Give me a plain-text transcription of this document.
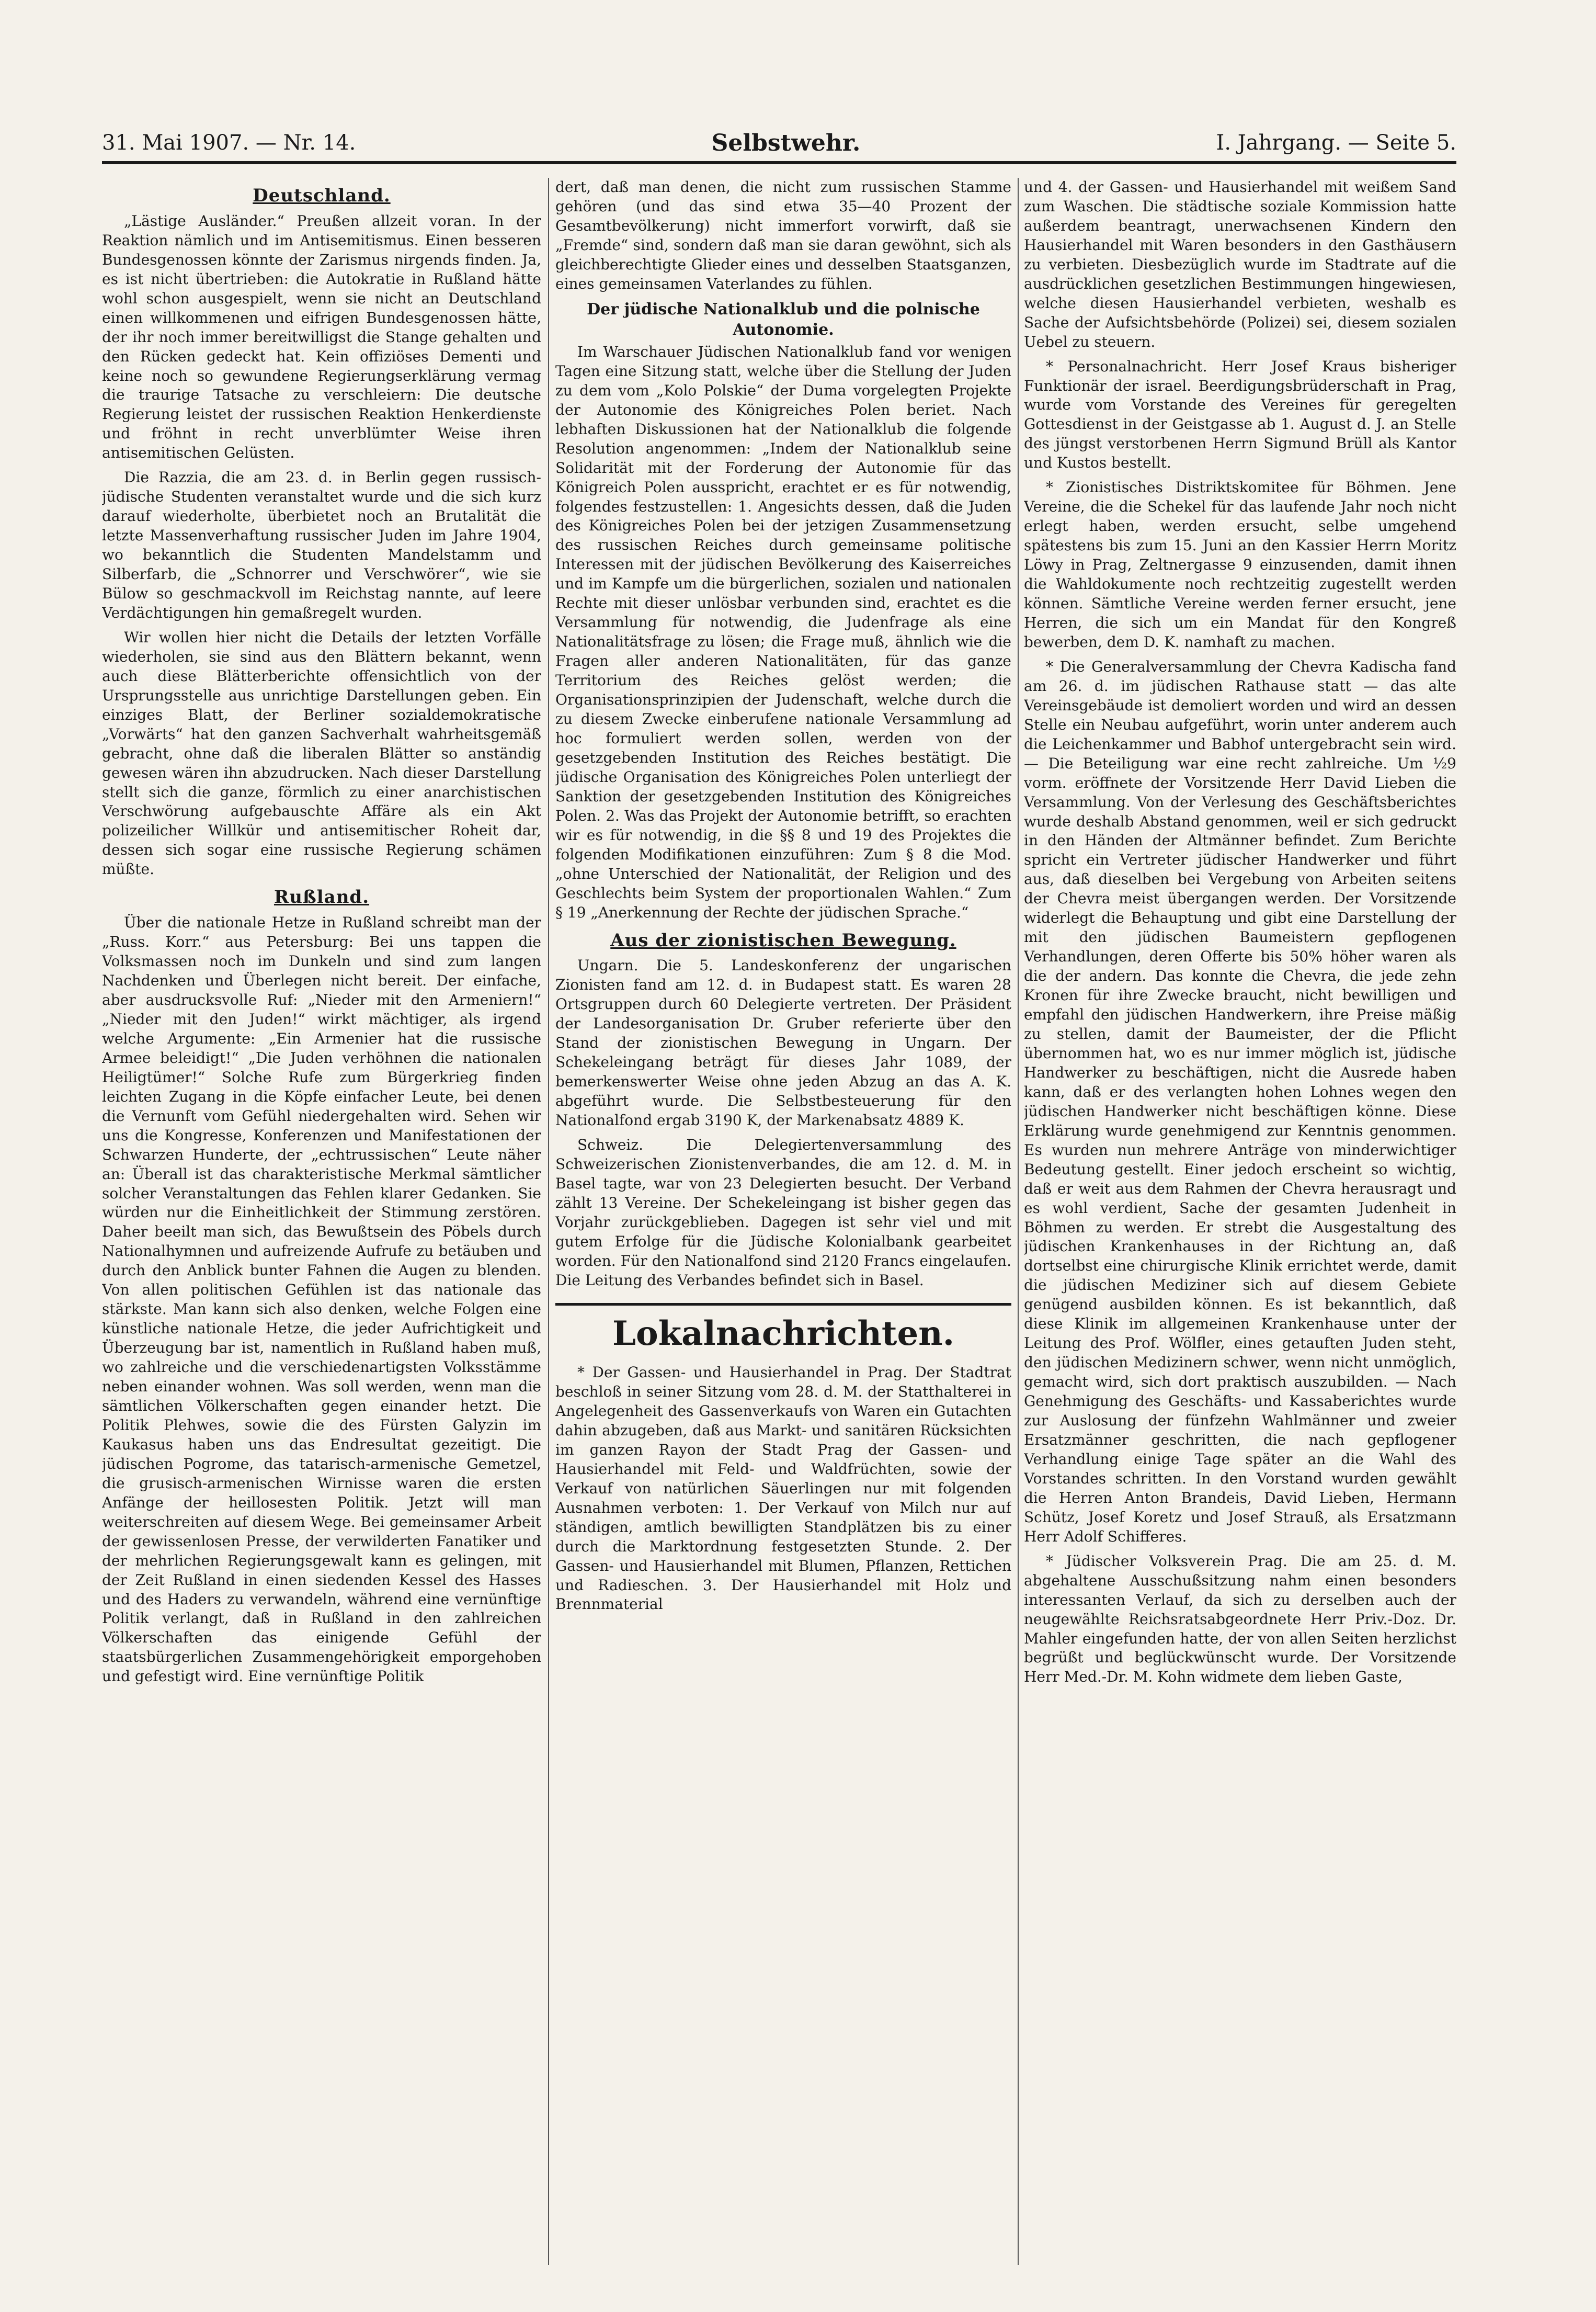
31. Mai 1907. — Nr. 14.	Selbstwehr.	I. Jahrgang. — Seite 5.
Deutschland.

„Lästige Ausländer.“ Preußen allzeit voran. In der Reaktion nämlich und im Antisemitismus. Einen besseren Bundesgenossen könnte der Zarismus nirgends finden. Ja, es ist nicht übertrieben: die Autokratie in Rußland hätte wohl schon ausgespielt, wenn sie nicht an Deutschland einen willkommenen und eifrigen Bundesgenossen hätte, der ihr noch immer bereitwilligst die Stange gehalten und den Rücken gedeckt hat. Kein offiziöses Dementi und keine noch so gewundene Regierungserklärung vermag die traurige Tatsache zu verschleiern: Die deutsche Regierung leistet der russischen Reaktion Henkerdienste und fröhnt in recht unverblümter Weise ihren antisemitischen Gelüsten.

Die Razzia, die am 23. d. in Berlin gegen russisch-jüdische Studenten veranstaltet wurde und die sich kurz darauf wiederholte, überbietet noch an Brutalität die letzte Massenverhaftung russischer Juden im Jahre 1904, wo bekanntlich die Studenten Mandelstamm und Silberfarb, die „Schnorrer und Verschwörer“, wie sie Bülow so geschmackvoll im Reichstag nannte, auf leere Verdächtigungen hin gemaßregelt wurden.

Wir wollen hier nicht die Details der letzten Vorfälle wiederholen, sie sind aus den Blättern bekannt, wenn auch diese Blätterberichte offensichtlich von der Ursprungsstelle aus unrichtige Darstellungen geben. Ein einziges Blatt, der Berliner sozialdemokratische „Vorwärts“ hat den ganzen Sachverhalt wahrheitsgemäß gebracht, ohne daß die liberalen Blätter so anständig gewesen wären ihn abzudrucken. Nach dieser Darstellung stellt sich die ganze, förmlich zu einer anarchistischen Verschwörung aufgebauschte Affäre als ein Akt polizeilicher Willkür und antisemitischer Roheit dar, dessen sich sogar eine russische Regierung schämen müßte.

Rußland.

Über die nationale Hetze in Rußland schreibt man der „Russ. Korr.“ aus Petersburg: Bei uns tappen die Volksmassen noch im Dunkeln und sind zum langen Nachdenken und Überlegen nicht bereit. Der einfache, aber ausdrucksvolle Ruf: „Nieder mit den Armeniern!“ „Nieder mit den Juden!“ wirkt mächtiger, als irgend welche Argumente: „Ein Armenier hat die russische Armee beleidigt!“ „Die Juden verhöhnen die nationalen Heiligtümer!“ Solche Rufe zum Bürgerkrieg finden leichten Zugang in die Köpfe einfacher Leute, bei denen die Vernunft vom Gefühl niedergehalten wird. Sehen wir uns die Kongresse, Konferenzen und Manifestationen der Schwarzen Hunderte, der „echtrussischen“ Leute näher an: Überall ist das charakteristische Merkmal sämtlicher solcher Veranstaltungen das Fehlen klarer Gedanken. Sie würden nur die Einheitlichkeit der Stimmung zerstören. Daher beeilt man sich, das Bewußtsein des Pöbels durch Nationalhymnen und aufreizende Aufrufe zu betäuben und durch den Anblick bunter Fahnen die Augen zu blenden. Von allen politischen Gefühlen ist das nationale das stärkste. Man kann sich also denken, welche Folgen eine künstliche nationale Hetze, die jeder Aufrichtigkeit und Überzeugung bar ist, namentlich in Rußland haben muß, wo zahlreiche und die verschiedenartigsten Volksstämme neben einander wohnen. Was soll werden, wenn man die sämtlichen Völkerschaften gegen einander hetzt. Die Politik Plehwes, sowie die des Fürsten Galyzin im Kaukasus haben uns das Endresultat gezeitigt. Die jüdischen Pogrome, das tatarisch-armenische Gemetzel, die grusisch-armenischen Wirnisse waren die ersten Anfänge der heillosesten Politik. Jetzt will man weiterschreiten auf diesem Wege. Bei gemeinsamer Arbeit der gewissenlosen Presse, der verwilderten Fanatiker und der mehrlichen Regierungsgewalt kann es gelingen, mit der Zeit Rußland in einen siedenden Kessel des Hasses und des Haders zu verwandeln, während eine vernünftige Politik verlangt, daß in Rußland in den zahlreichen Völkerschaften das einigende Gefühl der staatsbürgerlichen Zusammengehörigkeit emporgehoben und gefestigt wird. Eine vernünftige Politik

dert, daß man denen, die nicht zum russischen Stamme gehören (und das sind etwa 35—40 Prozent der Gesamtbevölkerung) nicht immerfort vorwirft, daß sie „Fremde“ sind, sondern daß man sie daran gewöhnt, sich als gleichberechtigte Glieder eines und desselben Staatsganzen, eines gemeinsamen Vaterlandes zu fühlen.

Der jüdische Nationalklub und die polnische Autonomie.

Im Warschauer Jüdischen Nationalklub fand vor wenigen Tagen eine Sitzung statt, welche über die Stellung der Juden zu dem vom „Kolo Polskie“ der Duma vorgelegten Projekte der Autonomie des Königreiches Polen beriet. Nach lebhaften Diskussionen hat der Nationalklub die folgende Resolution angenommen: „Indem der Nationalklub seine Solidarität mit der Forderung der Autonomie für das Königreich Polen ausspricht, erachtet er es für notwendig, folgendes festzustellen: 1. Angesichts dessen, daß die Juden des Königreiches Polen bei der jetzigen Zusammensetzung des russischen Reiches durch gemeinsame politische Interessen mit der jüdischen Bevölkerung des Kaiserreiches und im Kampfe um die bürgerlichen, sozialen und nationalen Rechte mit dieser unlösbar verbunden sind, erachtet es die Versammlung für notwendig, die Judenfrage als eine Nationalitätsfrage zu lösen; die Frage muß, ähnlich wie die Fragen aller anderen Nationalitäten, für das ganze Territorium des Reiches gelöst werden; die Organisationsprinzipien der Judenschaft, welche durch die zu diesem Zwecke einberufene nationale Versammlung ad hoc formuliert werden sollen, werden von der gesetzgebenden Institution des Reiches bestätigt. Die jüdische Organisation des Königreiches Polen unterliegt der Sanktion der gesetzgebenden Institution des Königreiches Polen. 2. Was das Projekt der Autonomie betrifft, so erachten wir es für notwendig, in die §§ 8 und 19 des Projektes die folgenden Modifikationen einzuführen: Zum § 8 die Mod. „ohne Unterschied der Nationalität, der Religion und des Geschlechts beim System der proportionalen Wahlen.“ Zum § 19 „Anerkennung der Rechte der jüdischen Sprache.“

Aus der zionistischen Bewegung.

Ungarn. Die 5. Landeskonferenz der ungarischen Zionisten fand am 12. d. in Budapest statt. Es waren 28 Ortsgruppen durch 60 Delegierte vertreten. Der Präsident der Landesorganisation Dr. Gruber referierte über den Stand der zionistischen Bewegung in Ungarn. Der Schekeleingang beträgt für dieses Jahr 1089, der bemerkenswerter Weise ohne jeden Abzug an das A. K. abgeführt wurde. Die Selbstbesteuerung für den Nationalfond ergab 3190 K, der Markenabsatz 4889 K.

Schweiz. Die Delegiertenversammlung des Schweizerischen Zionistenverbandes, die am 12. d. M. in Basel tagte, war von 23 Delegierten besucht. Der Verband zählt 13 Vereine. Der Schekeleingang ist bisher gegen das Vorjahr zurückgeblieben. Dagegen ist sehr viel und mit gutem Erfolge für die Jüdische Kolonialbank gearbeitet worden. Für den Nationalfond sind 2120 Francs eingelaufen. Die Leitung des Verbandes befindet sich in Basel.

Lokalnachrichten.

* Der Gassen- und Hausierhandel in Prag. Der Stadtrat beschloß in seiner Sitzung vom 28. d. M. der Statthalterei in Angelegenheit des Gassenverkaufs von Waren ein Gutachten dahin abzugeben, daß aus Markt- und sanitären Rücksichten im ganzen Rayon der Stadt Prag der Gassen- und Hausierhandel mit Feld- und Waldfrüchten, sowie der Verkauf von natürlichen Säuerlingen nur mit folgenden Ausnahmen verboten: 1. Der Verkauf von Milch nur auf ständigen, amtlich bewilligten Standplätzen bis zu einer durch die Marktordnung festgesetzten Stunde. 2. Der Gassen- und Hausierhandel mit Blumen, Pflanzen, Rettichen und Radieschen. 3. Der Hausierhandel mit Holz und Brennmaterial

und 4. der Gassen- und Hausierhandel mit weißem Sand zum Waschen. Die städtische soziale Kommission hatte außerdem beantragt, unerwachsenen Kindern den Hausierhandel mit Waren besonders in den Gasthäusern zu verbieten. Diesbezüglich wurde im Stadtrate auf die ausdrücklichen gesetzlichen Bestimmungen hingewiesen, welche diesen Hausierhandel verbieten, weshalb es Sache der Aufsichtsbehörde (Polizei) sei, diesem sozialen Uebel zu steuern.

* Personalnachricht. Herr Josef Kraus bisheriger Funktionär der israel. Beerdigungsbrüderschaft in Prag, wurde vom Vorstande des Vereines für geregelten Gottesdienst in der Geistgasse ab 1. August d. J. an Stelle des jüngst verstorbenen Herrn Sigmund Brüll als Kantor und Kustos bestellt.

* Zionistisches Distriktskomitee für Böhmen. Jene Vereine, die die Schekel für das laufende Jahr noch nicht erlegt haben, werden ersucht, selbe umgehend spätestens bis zum 15. Juni an den Kassier Herrn Moritz Löwy in Prag, Zeltnergasse 9 einzusenden, damit ihnen die Wahldokumente noch rechtzeitig zugestellt werden können. Sämtliche Vereine werden ferner ersucht, jene Herren, die sich um ein Mandat für den Kongreß bewerben, dem D. K. namhaft zu machen.

* Die Generalversammlung der Chevra Kadischa fand am 26. d. im jüdischen Rathause statt — das alte Vereinsgebäude ist demoliert worden und wird an dessen Stelle ein Neubau aufgeführt, worin unter anderem auch die Leichenkammer und Babhof untergebracht sein wird. — Die Beteiligung war eine recht zahlreiche. Um ½9 vorm. eröffnete der Vorsitzende Herr David Lieben die Versammlung. Von der Verlesung des Geschäftsberichtes wurde deshalb Abstand genommen, weil er sich gedruckt in den Händen der Altmänner befindet. Zum Berichte spricht ein Vertreter jüdischer Handwerker und führt aus, daß dieselben bei Vergebung von Arbeiten seitens der Chevra meist übergangen werden. Der Vorsitzende widerlegt die Behauptung und gibt eine Darstellung der mit den jüdischen Baumeistern gepflogenen Verhandlungen, deren Offerte bis 50% höher waren als die der andern. Das konnte die Chevra, die jede zehn Kronen für ihre Zwecke braucht, nicht bewilligen und empfahl den jüdischen Handwerkern, ihre Preise mäßig zu stellen, damit der Baumeister, der die Pflicht übernommen hat, wo es nur immer möglich ist, jüdische Handwerker zu beschäftigen, nicht die Ausrede haben kann, daß er des verlangten hohen Lohnes wegen den jüdischen Handwerker nicht beschäftigen könne. Diese Erklärung wurde genehmigend zur Kenntnis genommen. Es wurden nun mehrere Anträge von minderwichtiger Bedeutung gestellt. Einer jedoch erscheint so wichtig, daß er weit aus dem Rahmen der Chevra herausragt und es wohl verdient, Sache der gesamten Judenheit in Böhmen zu werden. Er strebt die Ausgestaltung des jüdischen Krankenhauses in der Richtung an, daß dortselbst eine chirurgische Klinik errichtet werde, damit die jüdischen Mediziner sich auf diesem Gebiete genügend ausbilden können. Es ist bekanntlich, daß diese Klinik im allgemeinen Krankenhause unter der Leitung des Prof. Wölfler, eines getauften Juden steht, den jüdischen Medizinern schwer, wenn nicht unmöglich, gemacht wird, sich dort praktisch auszubilden. — Nach Genehmigung des Geschäfts- und Kassaberichtes wurde zur Auslosung der fünfzehn Wahlmänner und zweier Ersatzmänner geschritten, die nach gepflogener Verhandlung einige Tage später an die Wahl des Vorstandes schritten. In den Vorstand wurden gewählt die Herren Anton Brandeis, David Lieben, Hermann Schütz, Josef Koretz und Josef Strauß, als Ersatzmann Herr Adolf Schifferes.

* Jüdischer Volksverein Prag. Die am 25. d. M. abgehaltene Ausschußsitzung nahm einen besonders interessanten Verlauf, da sich zu derselben auch der neugewählte Reichsratsabgeordnete Herr Priv.-Doz. Dr. Mahler eingefunden hatte, der von allen Seiten herzlichst begrüßt und beglückwünscht wurde. Der Vorsitzende Herr Med.-Dr. M. Kohn widmete dem lieben Gaste,
